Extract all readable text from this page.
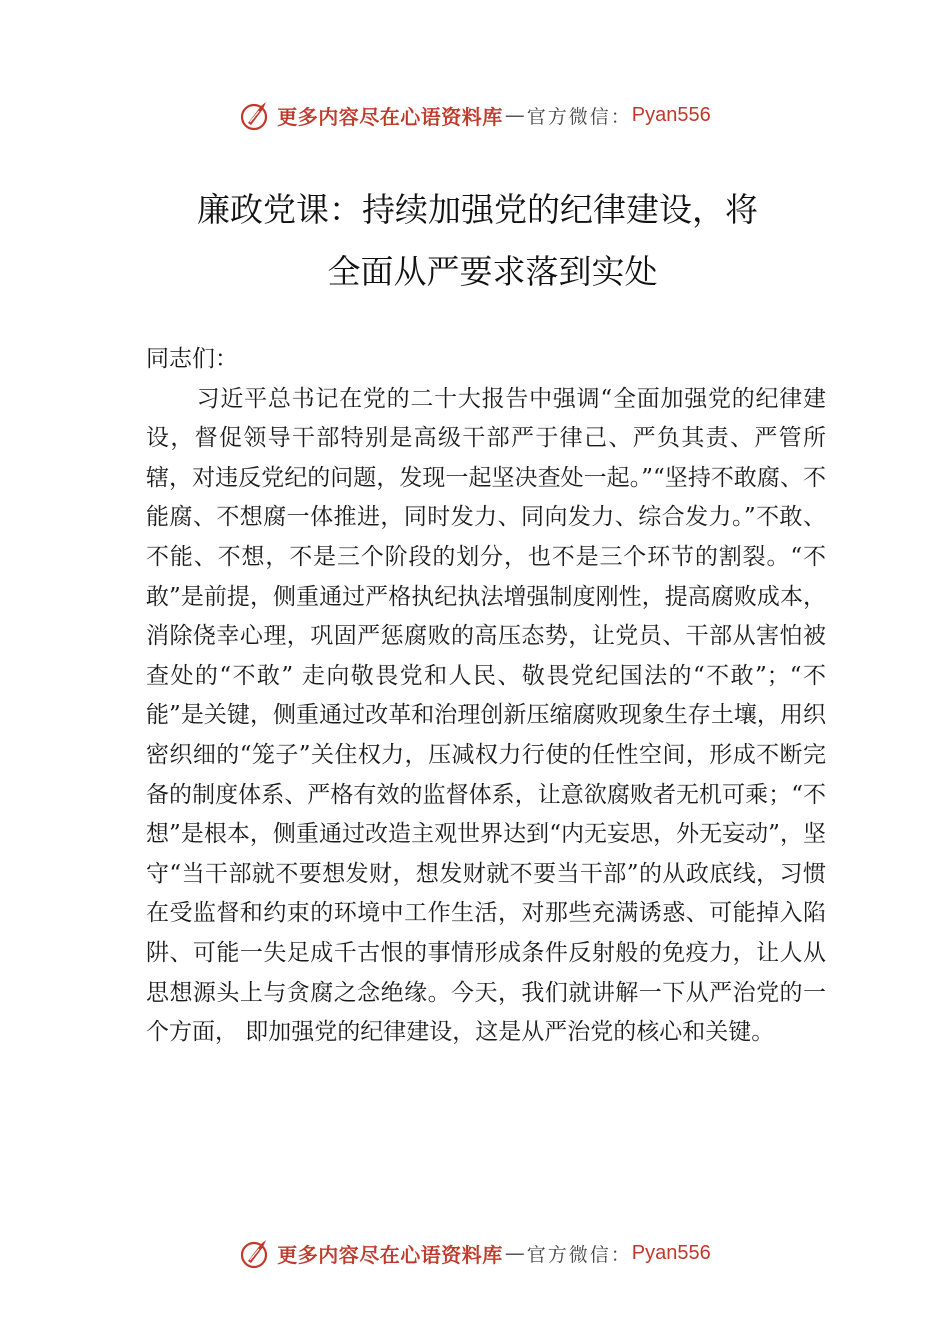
更多内容尽在心语资料库 — 官方微信： Pyan556
廉政党课：持续加强党的纪律建设，将
全面从严要求落到实处

同志们：

习近平总书记在党的二十大报告中强调“全面加强党的纪律建设，督促领导干部特别是高级干部严于律己、严负其责、严管所辖，对违反党纪的问题，发现一起坚决查处一起。”“坚持不敢腐、不能腐、不想腐一体推进，同时发力、同向发力、综合发力。”不敢、不能、不想，不是三个阶段的划分，也不是三个环节的割裂。“不敢”是前提，侧重通过严格执纪执法增强制度刚性，提高腐败成本，消除侥幸心理，巩固严惩腐败的高压态势，让党员、干部从害怕被查处的“不敢” 走向敬畏党和人民、敬畏党纪国法的“不敢”；“不能”是关键，侧重通过改革和治理创新压缩腐败现象生存土壤，用织密织细的“笼子”关住权力，压减权力行使的任性空间，形成不断完备的制度体系、严格有效的监督体系，让意欲腐败者无机可乘；“不想”是根本，侧重通过改造主观世界达到“内无妄思，外无妄动”，坚守“当干部就不要想发财，想发财就不要当干部”的从政底线，习惯在受监督和约束的环境中工作生活，对那些充满诱惑、可能掉入陷阱、可能一失足成千古恨的事情形成条件反射般的免疫力，让人从思想源头上与贪腐之念绝缘。今天，我们就讲解一下从严治党的一个方面， 即加强党的纪律建设，这是从严治党的核心和关键。

更多内容尽在心语资料库 — 官方微信： Pyan556
